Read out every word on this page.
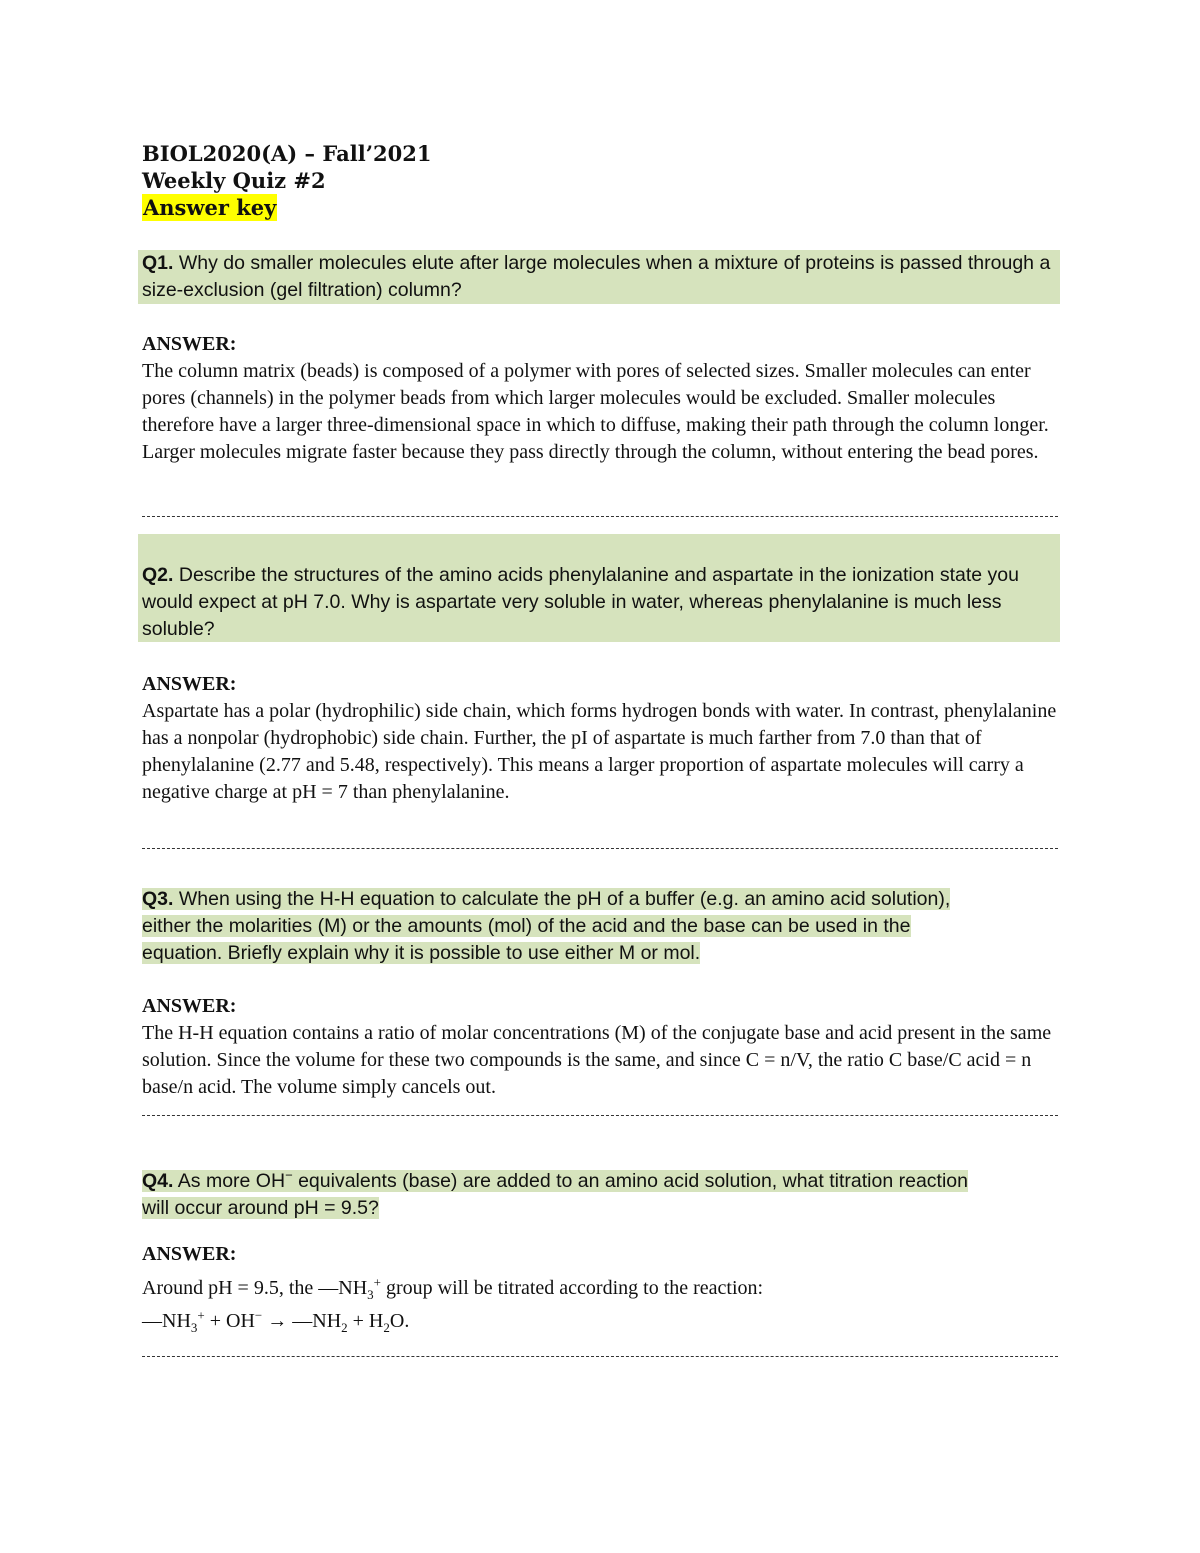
BIOL2020(A) – Fall’2021
Weekly Quiz #2
Answer key
Q1. Why do smaller molecules elute after large molecules when a mixture of proteins is passed through a size-exclusion (gel filtration) column?
ANSWER:
The column matrix (beads) is composed of a polymer with pores of selected sizes. Smaller molecules can enter pores (channels) in the polymer beads from which larger molecules would be excluded. Smaller molecules therefore have a larger three-dimensional space in which to diffuse, making their path through the column longer. Larger molecules migrate faster because they pass directly through the column, without entering the bead pores.
Q2. Describe the structures of the amino acids phenylalanine and aspartate in the ionization state you would expect at pH 7.0. Why is aspartate very soluble in water, whereas phenylalanine is much less soluble?
ANSWER:
Aspartate has a polar (hydrophilic) side chain, which forms hydrogen bonds with water. In contrast, phenylalanine has a nonpolar (hydrophobic) side chain. Further, the pI of aspartate is much farther from 7.0 than that of phenylalanine (2.77 and 5.48, respectively). This means a larger proportion of aspartate molecules will carry a negative charge at pH = 7 than phenylalanine.
Q3. When using the H-H equation to calculate the pH of a buffer (e.g. an amino acid solution),
either the molarities (M) or the amounts (mol) of the acid and the base can be used in the
equation. Briefly explain why it is possible to use either M or mol.
ANSWER:
The H-H equation contains a ratio of molar concentrations (M) of the conjugate base and acid present in the same solution. Since the volume for these two compounds is the same, and since C = n/V, the ratio C base/C acid = n base/n acid. The volume simply cancels out.
Q4. As more OH− equivalents (base) are added to an amino acid solution, what titration reaction
will occur around pH = 9.5?
ANSWER:
Around pH = 9.5, the $—NH_3^+$ group will be titrated according to the reaction:
$—NH_3^+ + OH^-$ → $—NH_2 + H_2O$.
